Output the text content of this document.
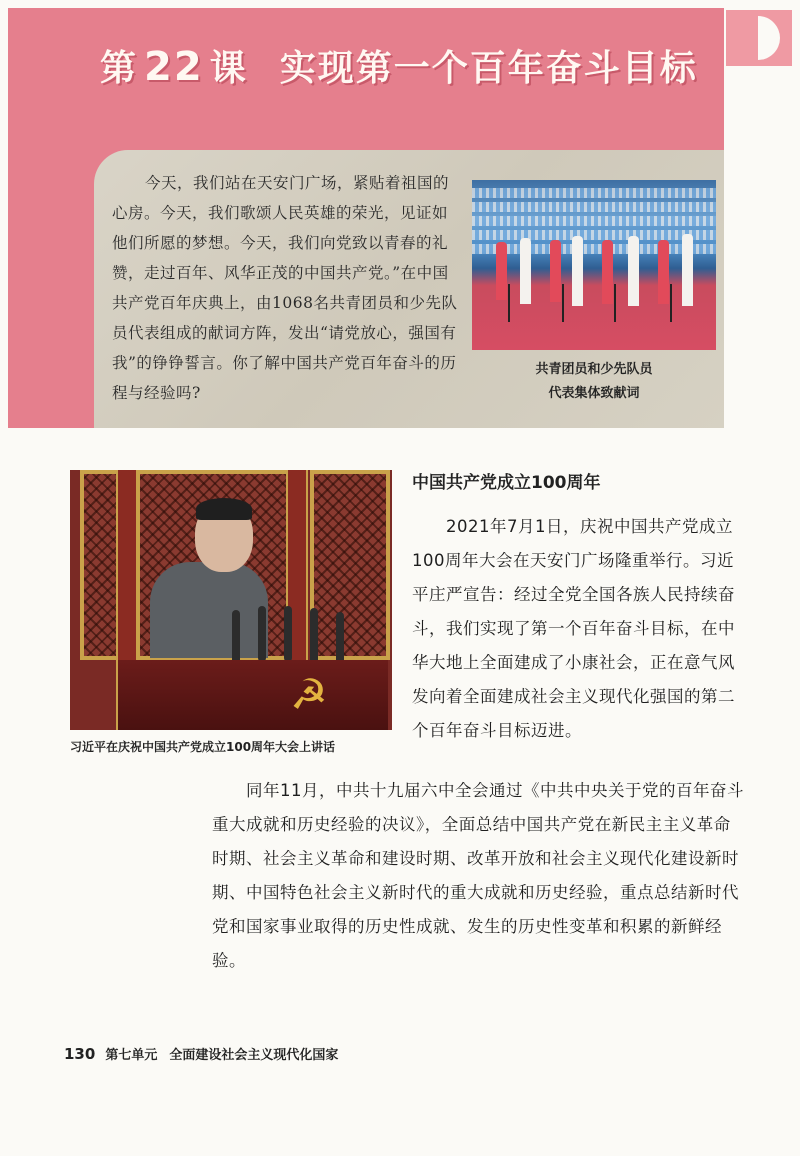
第 22 课 实现第一个百年奋斗目标
今天，我们站在天安门广场，紧贴着祖国的心房。今天，我们歌颂人民英雄的荣光，见证如他们所愿的梦想。今天，我们向党致以青春的礼赞，走过百年、风华正茂的中国共产党。”在中国共产党百年庆典上，由1068名共青团员和少先队员代表组成的献词方阵，发出“请党放心，强国有我”的铮铮誓言。你了解中国共产党百年奋斗的历程与经验吗?
共青团员和少先队员
代表集体致献词
☭
习近平在庆祝中国共产党成立100周年大会上讲话
中国共产党成立100周年
2021年7月1日，庆祝中国共产党成立100周年大会在天安门广场隆重举行。习近平庄严宣告：经过全党全国各族人民持续奋斗，我们实现了第一个百年奋斗目标，在中华大地上全面建成了小康社会，正在意气风发向着全面建成社会主义现代化强国的第二个百年奋斗目标迈进。
同年11月，中共十九届六中全会通过《中共中央关于党的百年奋斗重大成就和历史经验的决议》，全面总结中国共产党在新民主主义革命时期、社会主义革命和建设时期、改革开放和社会主义现代化建设新时期、中国特色社会主义新时代的重大成就和历史经验，重点总结新时代党和国家事业取得的历史性成就、发生的历史性变革和积累的新鲜经验。
130 第七单元 全面建设社会主义现代化国家
